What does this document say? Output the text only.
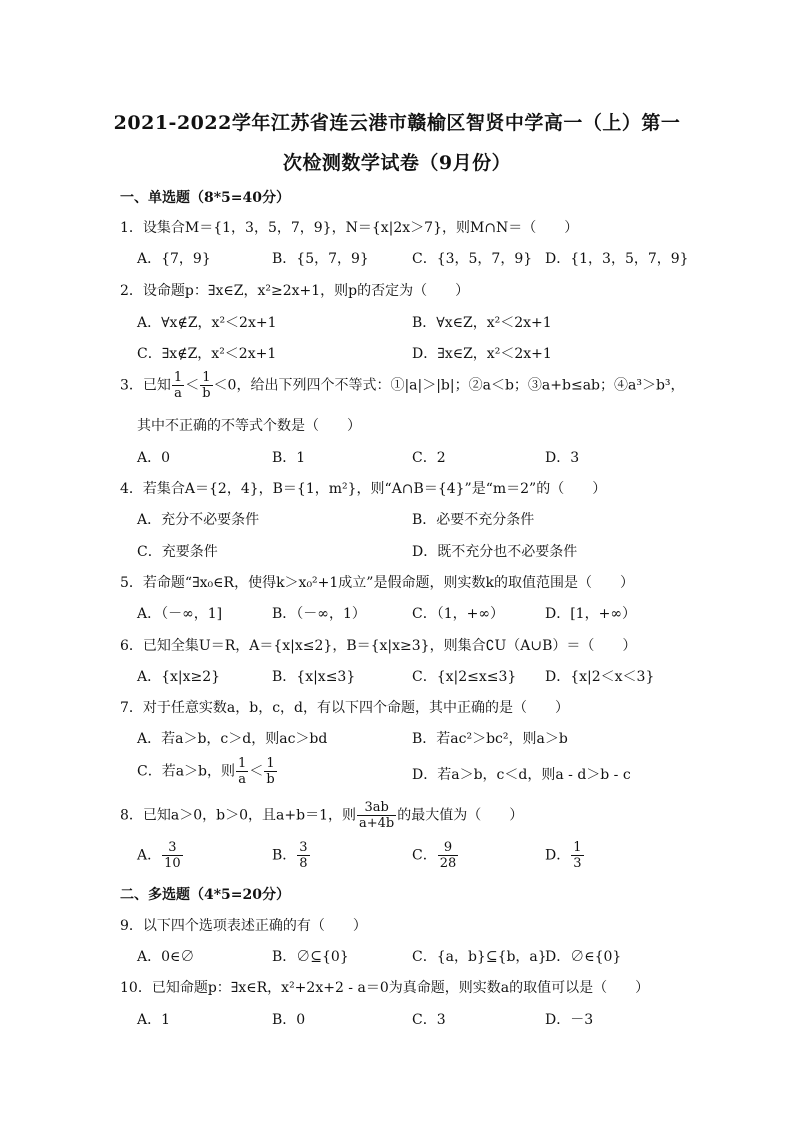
2021-2022学年江苏省连云港市赣榆区智贤中学高一（上）第一
次检测数学试卷（9月份）
一、单选题（8*5=40分）
1．设集合M＝{1，3，5，7，9}，N＝{x|2x＞7}，则M∩N＝（　　）
A．{7，9}	B．{5，7，9}	C．{3，5，7，9} D．{1，3，5，7，9}
2．设命题p：∃x∈Z，x²≥2x+1，则p的否定为（　　）
A．∀x∉Z，x²＜2x+1	B．∀x∈Z，x²＜2x+1
C．∃x∉Z，x²＜2x+1	D．∃x∈Z，x²＜2x+1
3．已知 $\frac{1}{a} < \frac{1}{b} <0$，给出下列四个不等式：①|a|＞|b|；②a＜b；③a+b≤ab；④a³＞b³，
其中不正确的不等式个数是（　　）
A．0	B．1	C．2	D．3
4．若集合A＝{2，4}，B＝{1，m²}，则“A∩B＝{4}”是“m＝2”的（　　）
A．充分不必要条件	B．必要不充分条件
C．充要条件	D．既不充分也不必要条件
5．若命题“∃x₀∈R，使得k＞x₀²+1成立”是假命题，则实数k的取值范围是（　　）
A．（－∞，1]	B．（－∞，1）	C．（1，+∞）	D．[1，+∞）
6．已知全集U＝R，A＝{x|x≤2}，B＝{x|x≥3}，则集合∁U（A∪B）＝（　　）
A．{x|x≥2}	B．{x|x≤3}	C．{x|2≤x≤3} D．{x|2＜x＜3}
7．对于任意实数a，b，c，d，有以下四个命题，其中正确的是（　　）
A．若a＞b，c＞d，则ac＞bd	B．若ac²＞bc²，则a＞b
C．若a＞b，则 $\frac{1}{a} < \frac{1}{b}$	D．若a＞b，c＜d，则a - d＞b - c
8．已知a＞0，b＞0，且a+b＝1，则 $\frac{3ab}{a+4b}$ 的最大值为（　　）
A． $\frac{3}{10}$	B． $\frac{3}{8}$	C． $\frac{9}{28}$	D． $\frac{1}{3}$
二、多选题（4*5=20分）
9．以下四个选项表述正确的有（　　）
A．0∈∅	B．∅⊆{0}	C．{a，b}⊆{b，a}
D．∅∈{0}
10．已知命题p：∃x∈R，x²+2x+2 - a＝0为真命题，则实数a的取值可以是（　　）
A．1	B．0	C．3	D．－3
